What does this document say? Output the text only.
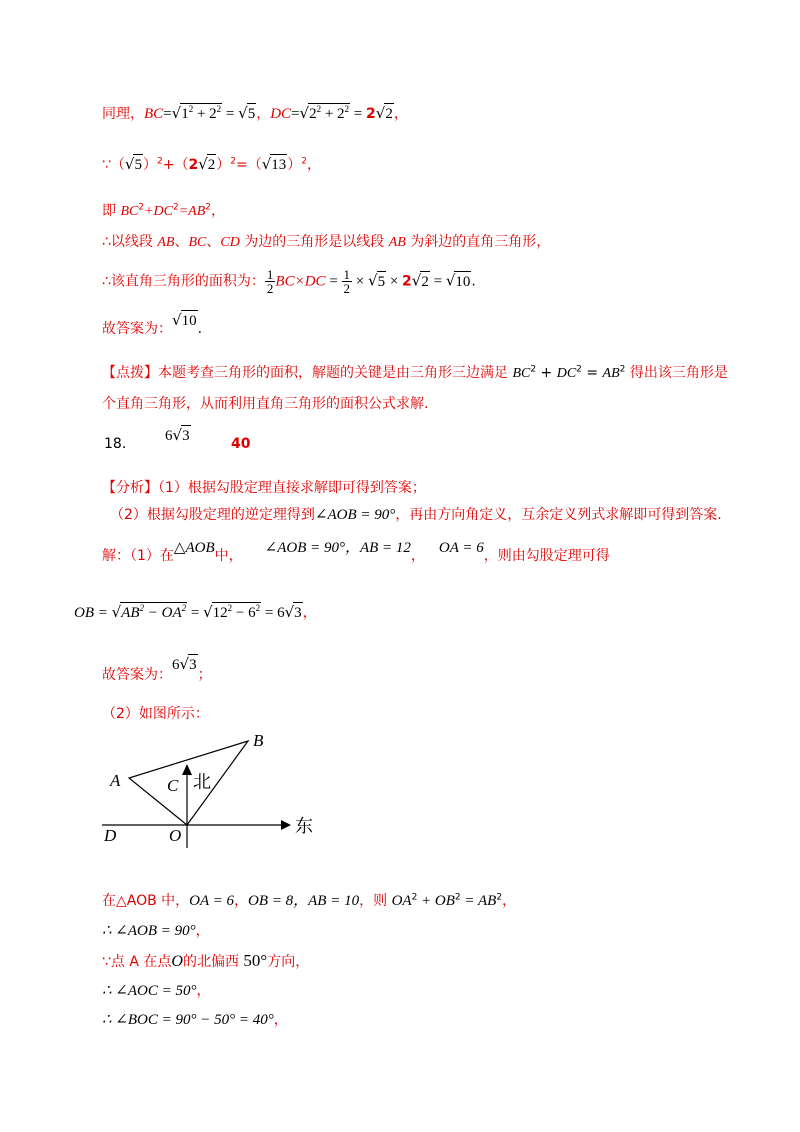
同理，$BC=√1^2 + 2^2 = √5$，$DC=√2^2 + 2^2 = 2√2$，
$\because(√5)^2+(2√2)^2=(√13)^2$，
即 $BC^2+DC^2=AB^2$，
∴以线段 AB、BC、CD 为边的三角形是以线段 AB 为斜边的直角三角形，
∴该直角三角形的面积为： $\frac{1}{2} BC\times DC = \frac{1}{2} \times √5 \times 2√2 = √10$.
故答案为：√10.
【点拨】本题考查三角形的面积，解题的关键是由三角形三边满足 $BC^2 + DC^2 = AB^2$ 得出该三角形是
个直角三角形，从而利用直角三角形的面积公式求解.
18.	6√3	40
【分析】（1）根据勾股定理直接求解即可得到答案；
（2）根据勾股定理的逆定理得到∠AOB = 90°，再由方向角定义，互余定义列式求解即可得到答案.
解：（1）在△AOB中， ∠AOB = 90°，AB = 12， OA = 6，则由勾股定理可得
OB = $√AB^2 - OA^2 = √12^2 - 6^2 = 6√3$，
故答案为：6√3；
（2）如图所示：
A
B
C
D	O
北
东
在△AOB 中，OA = 6，OB = 8，AB = 10，则 $OA^2 + OB^2 = AB^2$，
∴ ∠AOB = 90°，
∵点 A 在点O的北偏西 50°方向，
∴ ∠AOC = 50°，
∴ ∠BOC = 90° − 50° = 40°，
